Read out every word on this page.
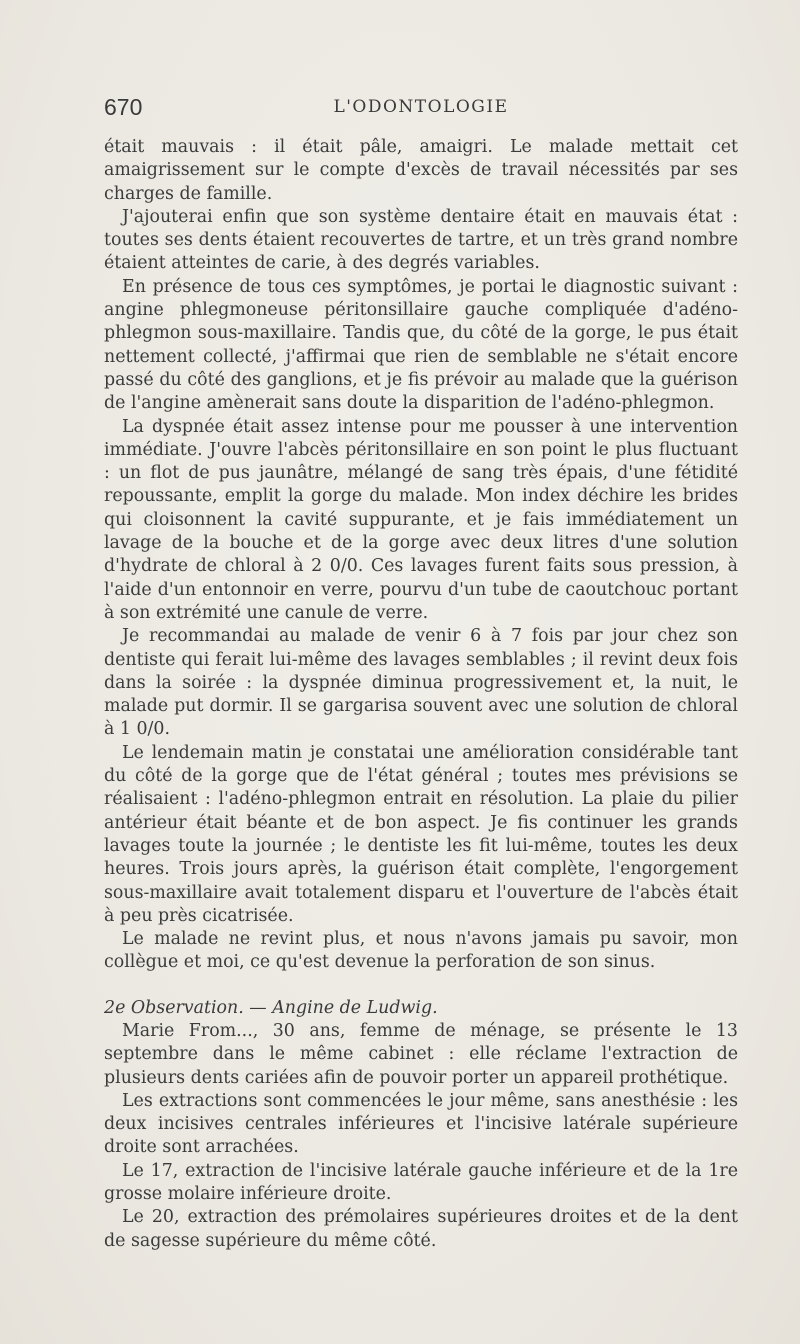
670	L'ODONTOLOGIE

était mauvais : il était pâle, amaigri. Le malade mettait cet amaigrissement sur le compte d'excès de travail nécessités par ses charges de famille.

J'ajouterai enfin que son système dentaire était en mauvais état : toutes ses dents étaient recouvertes de tartre, et un très grand nombre étaient atteintes de carie, à des degrés variables.

En présence de tous ces symptômes, je portai le diagnostic suivant : angine phlegmoneuse péritonsillaire gauche compliquée d'adéno-phlegmon sous-maxillaire. Tandis que, du côté de la gorge, le pus était nettement collecté, j'affirmai que rien de semblable ne s'était encore passé du côté des ganglions, et je fis prévoir au malade que la guérison de l'angine amènerait sans doute la disparition de l'adéno-phlegmon.

La dyspnée était assez intense pour me pousser à une intervention immédiate. J'ouvre l'abcès péritonsillaire en son point le plus fluctuant : un flot de pus jaunâtre, mélangé de sang très épais, d'une fétidité repoussante, emplit la gorge du malade. Mon index déchire les brides qui cloisonnent la cavité suppurante, et je fais immédiatement un lavage de la bouche et de la gorge avec deux litres d'une solution d'hydrate de chloral à 2 0/0. Ces lavages furent faits sous pression, à l'aide d'un entonnoir en verre, pourvu d'un tube de caoutchouc portant à son extrémité une canule de verre.

Je recommandai au malade de venir 6 à 7 fois par jour chez son dentiste qui ferait lui-même des lavages semblables ; il revint deux fois dans la soirée : la dyspnée diminua progressivement et, la nuit, le malade put dormir. Il se gargarisa souvent avec une solution de chloral à 1 0/0.

Le lendemain matin je constatai une amélioration considérable tant du côté de la gorge que de l'état général ; toutes mes prévisions se réalisaient : l'adéno-phlegmon entrait en résolution. La plaie du pilier antérieur était béante et de bon aspect. Je fis continuer les grands lavages toute la journée ; le dentiste les fit lui-même, toutes les deux heures. Trois jours après, la guérison était complète, l'engorgement sous-maxillaire avait totalement disparu et l'ouverture de l'abcès était à peu près cicatrisée.

Le malade ne revint plus, et nous n'avons jamais pu savoir, mon collègue et moi, ce qu'est devenue la perforation de son sinus.

2e Observation. — Angine de Ludwig.

Marie From..., 30 ans, femme de ménage, se présente le 13 septembre dans le même cabinet : elle réclame l'extraction de plusieurs dents cariées afin de pouvoir porter un appareil prothétique.

Les extractions sont commencées le jour même, sans anesthésie : les deux incisives centrales inférieures et l'incisive latérale supérieure droite sont arrachées.

Le 17, extraction de l'incisive latérale gauche inférieure et de la 1re grosse molaire inférieure droite.

Le 20, extraction des prémolaires supérieures droites et de la dent de sagesse supérieure du même côté.
